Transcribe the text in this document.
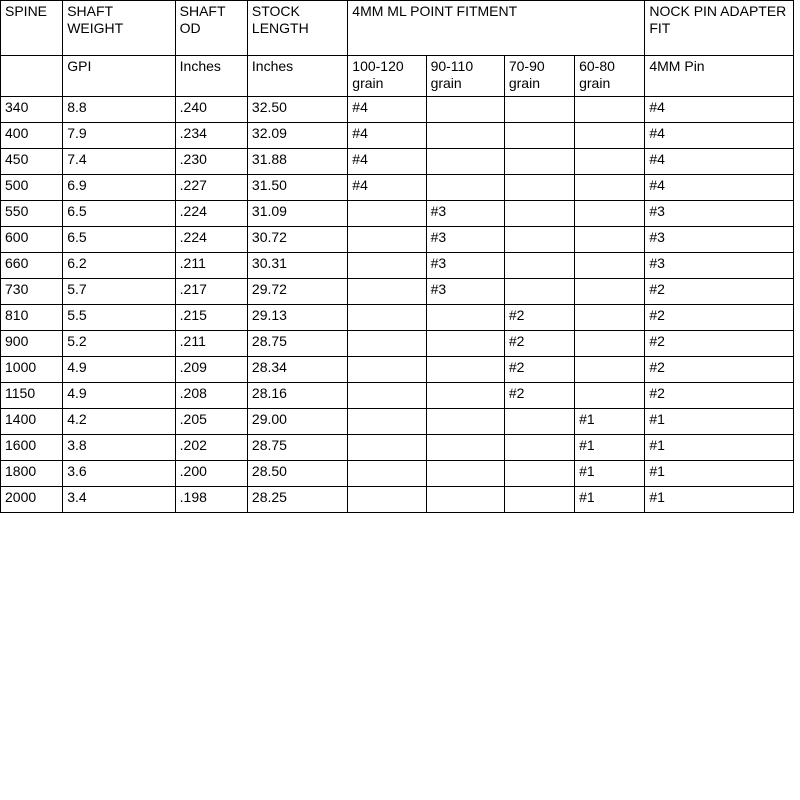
SPINE	SHAFT WEIGHT	SHAFT OD	STOCK LENGTH	4MM ML POINT FITMENT				NOCK PIN ADAPTER FIT
	GPI	Inches	Inches	100-120 grain	90-110 grain	70-90 grain	60-80 grain	4MM Pin
340	8.8	.240	32.50	#4				#4
400	7.9	.234	32.09	#4				#4
450	7.4	.230	31.88	#4				#4
500	6.9	.227	31.50	#4				#4
550	6.5	.224	31.09		#3			#3
600	6.5	.224	30.72		#3			#3
660	6.2	.211	30.31		#3			#3
730	5.7	.217	29.72		#3			#2
810	5.5	.215	29.13			#2		#2
900	5.2	.211	28.75			#2		#2
1000	4.9	.209	28.34			#2		#2
1150	4.9	.208	28.16			#2		#2
1400	4.2	.205	29.00				#1	#1
1600	3.8	.202	28.75				#1	#1
1800	3.6	.200	28.50				#1	#1
2000	3.4	.198	28.25				#1	#1
